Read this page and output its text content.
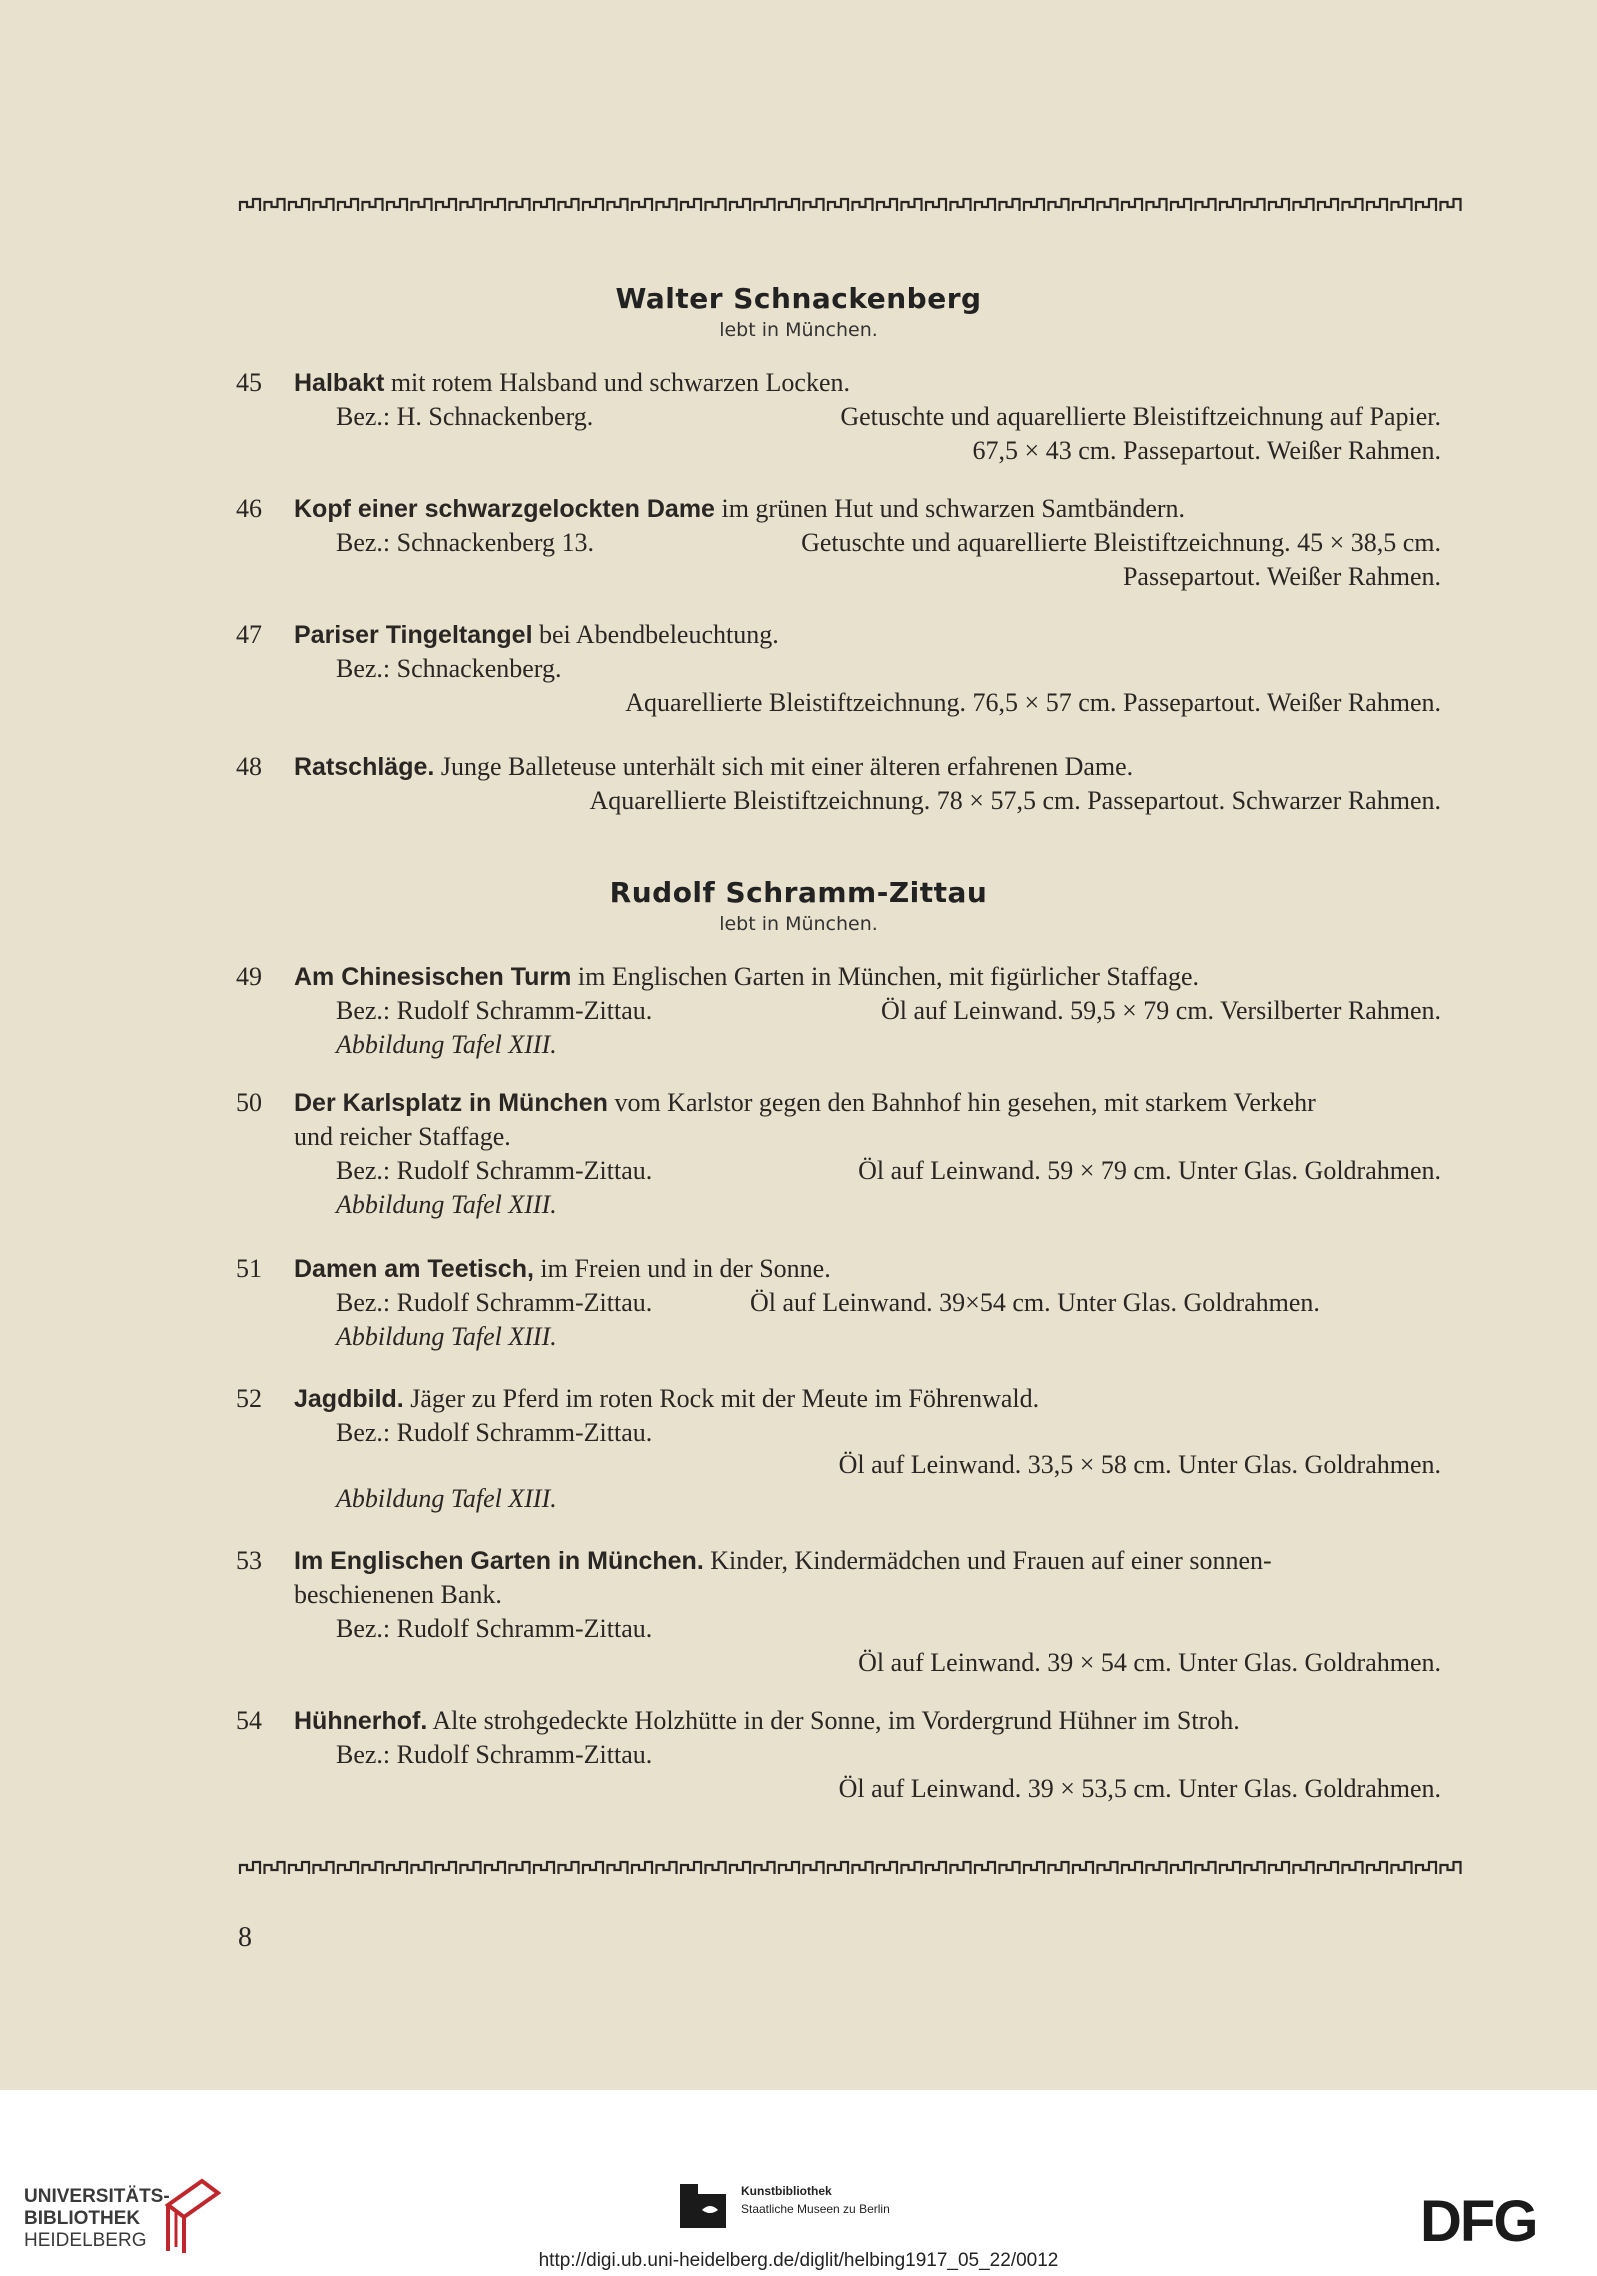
Walter Schnackenberg
lebt in München.
45	Halbakt mit rotem Halsband und schwarzen Locken.
Bez.: H. Schnackenberg.	Getuschte und aquarellierte Bleistiftzeichnung auf Papier.
67,5 × 43 cm. Passepartout. Weißer Rahmen.
46	Kopf einer schwarzgelockten Dame im grünen Hut und schwarzen Samtbändern.
Bez.: Schnackenberg 13.	Getuschte und aquarellierte Bleistiftzeichnung. 45 × 38,5 cm.
Passepartout. Weißer Rahmen.
47	Pariser Tingeltangel bei Abendbeleuchtung.
Bez.: Schnackenberg.
Aquarellierte Bleistiftzeichnung. 76,5 × 57 cm. Passepartout. Weißer Rahmen.
48	Ratschläge. Junge Balleteuse unterhält sich mit einer älteren erfahrenen Dame.
Aquarellierte Bleistiftzeichnung. 78 × 57,5 cm. Passepartout. Schwarzer Rahmen.
Rudolf Schramm-Zittau
lebt in München.
49	Am Chinesischen Turm im Englischen Garten in München, mit figürlicher Staffage.
Bez.: Rudolf Schramm-Zittau.	Öl auf Leinwand. 59,5 × 79 cm. Versilberter Rahmen.
Abbildung Tafel XIII.
50	Der Karlsplatz in München vom Karlstor gegen den Bahnhof hin gesehen, mit starkem Verkehr
und reicher Staffage.
Bez.: Rudolf Schramm-Zittau.	Öl auf Leinwand. 59 × 79 cm. Unter Glas. Goldrahmen.
Abbildung Tafel XIII.
51	Damen am Teetisch, im Freien und in der Sonne.
Bez.: Rudolf Schramm-Zittau.	Öl auf Leinwand. 39×54 cm. Unter Glas. Goldrahmen.
Abbildung Tafel XIII.
52	Jagdbild. Jäger zu Pferd im roten Rock mit der Meute im Föhrenwald.
Bez.: Rudolf Schramm-Zittau.
Öl auf Leinwand. 33,5 × 58 cm. Unter Glas. Goldrahmen.
Abbildung Tafel XIII.
53	Im Englischen Garten in München. Kinder, Kindermädchen und Frauen auf einer sonnen-
beschienenen Bank.
Bez.: Rudolf Schramm-Zittau.
Öl auf Leinwand. 39 × 54 cm. Unter Glas. Goldrahmen.
54	Hühnerhof. Alte strohgedeckte Holzhütte in der Sonne, im Vordergrund Hühner im Stroh.
Bez.: Rudolf Schramm-Zittau.
Öl auf Leinwand. 39 × 53,5 cm. Unter Glas. Goldrahmen.
8
UNIVERSITÄTS-
BIBLIOTHEK
HEIDELBERG
Kunstbibliothek
Staatliche Museen zu Berlin	DFG
http://digi.ub.uni-heidelberg.de/diglit/helbing1917_05_22/0012
